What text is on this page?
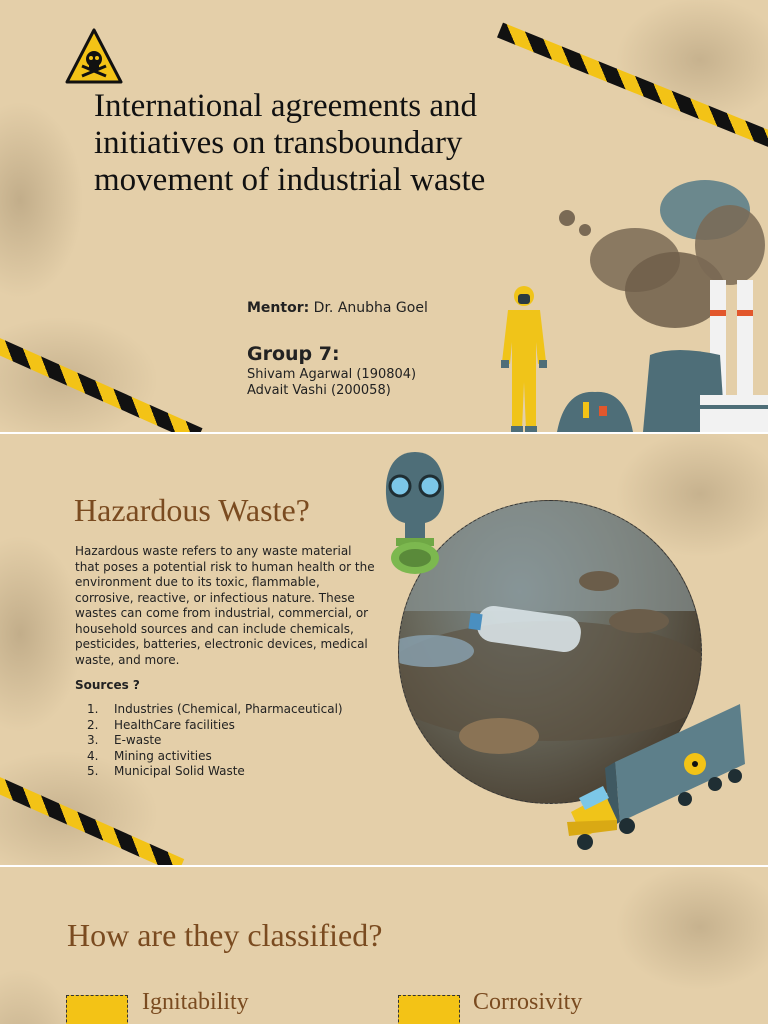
International agreements and
initiatives on transboundary
movement of industrial waste
Mentor: Dr. Anubha Goel
Group 7:
Shivam Agarwal (190804)
Advait Vashi (200058)
Hazardous Waste?
Hazardous waste refers to any waste material that poses a potential risk to human health or the environment due to its toxic, flammable, corrosive, reactive, or infectious nature. These wastes can come from industrial, commercial, or household sources and can include chemicals, pesticides, batteries, electronic devices, medical waste, and more.
Sources ?
1. Industries (Chemical, Pharmaceutical)
2. HealthCare facilities
3. E-waste
4. Mining activities
5. Municipal Solid Waste
How are they classified?
Ignitability	Corrosivity
